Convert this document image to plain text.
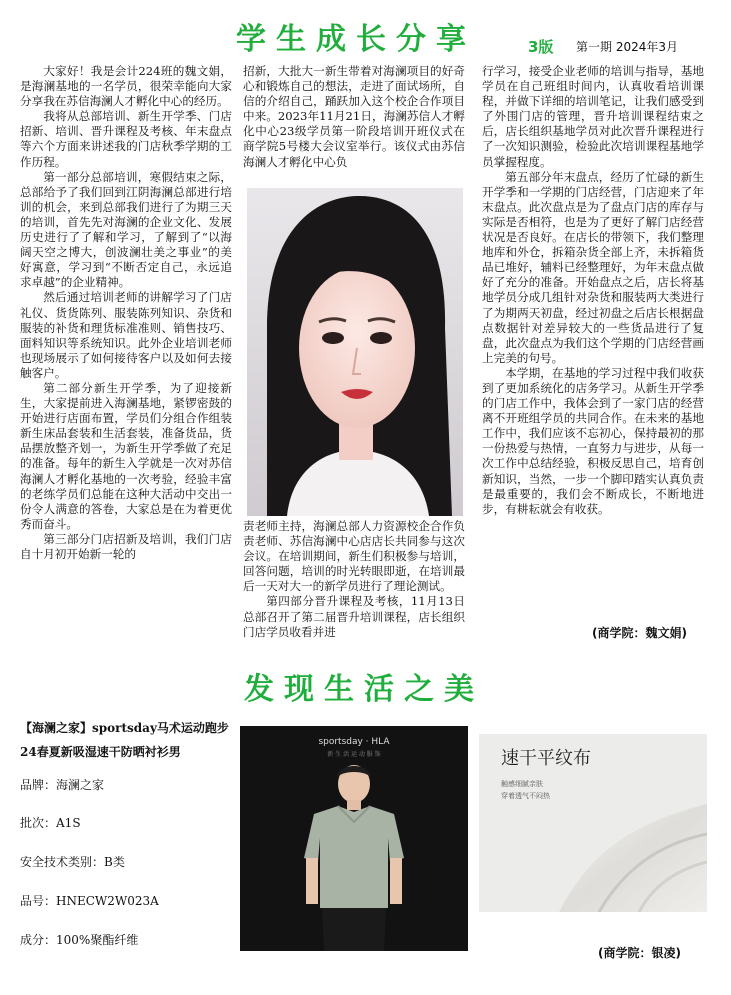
学生成长分享	3版 第一期 2024年3月

大家好！我是会计224班的魏文娟，是海澜基地的一名学员，很荣幸能向大家分享我在苏信海澜人才孵化中心的经历。

我将从总部培训、新生开学季、门店招新、培训、晋升课程及考核、年末盘点等六个方面来讲述我的门店秋季学期的工作历程。

第一部分总部培训，寒假结束之际，总部给予了我们回到江阴海澜总部进行培训的机会，来到总部我们进行了为期三天的培训，首先先对海澜的企业文化、发展历史进行了了解和学习，了解到了“以海阔天空之博大，创波澜壮美之事业”的美好寓意，学习到“不断否定自己，永远追求卓越”的企业精神。

然后通过培训老师的讲解学习了门店礼仪、货货陈列、服装陈列知识、杂货和服装的补货和理货标准准则、销售技巧、面料知识等系统知识。此外企业培训老师也现场展示了如何接待客户以及如何去接触客户。

第二部分新生开学季，为了迎接新生，大家提前进入海澜基地，紧锣密鼓的开始进行店面布置，学员们分组合作组装新生床品套装和生活套装，准备货品，货品摆放整齐划一，为新生开学季做了充足的准备。每年的新生入学就是一次对苏信海澜人才孵化基地的一次考验，经验丰富的老练学员们总能在这种大活动中交出一份令人满意的答卷，大家总是在为着更优秀而奋斗。

第三部分门店招新及培训，我们门店自十月初开始新一轮的

招新，大批大一新生带着对海澜项目的好奇心和锻炼自己的想法，走进了面试场所，自信的介绍自己，踊跃加入这个校企合作项目中来。2023年11月21日，海澜苏信人才孵化中心23级学员第一阶段培训开班仪式在商学院5号楼大会议室举行。该仪式由苏信海澜人才孵化中心负

责老师主持，海澜总部人力资源校企合作负责老师、苏信海澜中心店店长共同参与这次会议。在培训期间，新生们积极参与培训，回答问题，培训的时光转眼即逝，在培训最后一天对大一的新学员进行了理论测试。

第四部分晋升课程及考核，11月13日总部召开了第二届晋升培训课程，店长组织门店学员收看并进

行学习，接受企业老师的培训与指导，基地学员在自己班组时间内，认真收看培训课程，并做下详细的培训笔记，让我们感受到了外围门店的管理，晋升培训课程结束之后，店长组织基地学员对此次晋升课程进行了一次知识测验，检验此次培训课程基地学员掌握程度。

第五部分年末盘点，经历了忙碌的新生开学季和一学期的门店经营，门店迎来了年末盘点。此次盘点是为了盘点门店的库存与实际是否相符，也是为了更好了解门店经营状况是否良好。在店长的带领下，我们整理地库和外仓，拆箱杂货全部上齐，未拆箱货品已堆好，辅料已经整理好，为年末盘点做好了充分的准备。开始盘点之后，店长将基地学员分成几组针对杂货和服装两大类进行了为期两天初盘，经过初盘之后店长根据盘点数据针对差异较大的一些货品进行了复盘，此次盘点为我们这个学期的门店经营画上完美的句号。

本学期，在基地的学习过程中我们收获到了更加系统化的店务学习。从新生开学季的门店工作中，我体会到了一家门店的经营离不开班组学员的共同合作。在未来的基地工作中，我们应该不忘初心，保持最初的那一份热爱与热情，一直努力与进步，从每一次工作中总结经验，积极反思自己，培育创新知识，当然，一步一个脚印踏实认真负责是最重要的，我们会不断成长，不断地进步，有耕耘就会有收获。

(商学院：魏文娟)
发现生活之美
【海澜之家】sportsday马术运动跑步24春夏新吸湿速干防晒衬衫男
品牌：海澜之家
批次：A1S
安全技术类别：B类
品号：HNECW2W023A
成分：100%聚酯纤维
sportsday · HLA
新 生 活 运 动 服 饰	速干平纹布
触感细腻亲肤
穿着透气不闷热
(商学院：银凌)
